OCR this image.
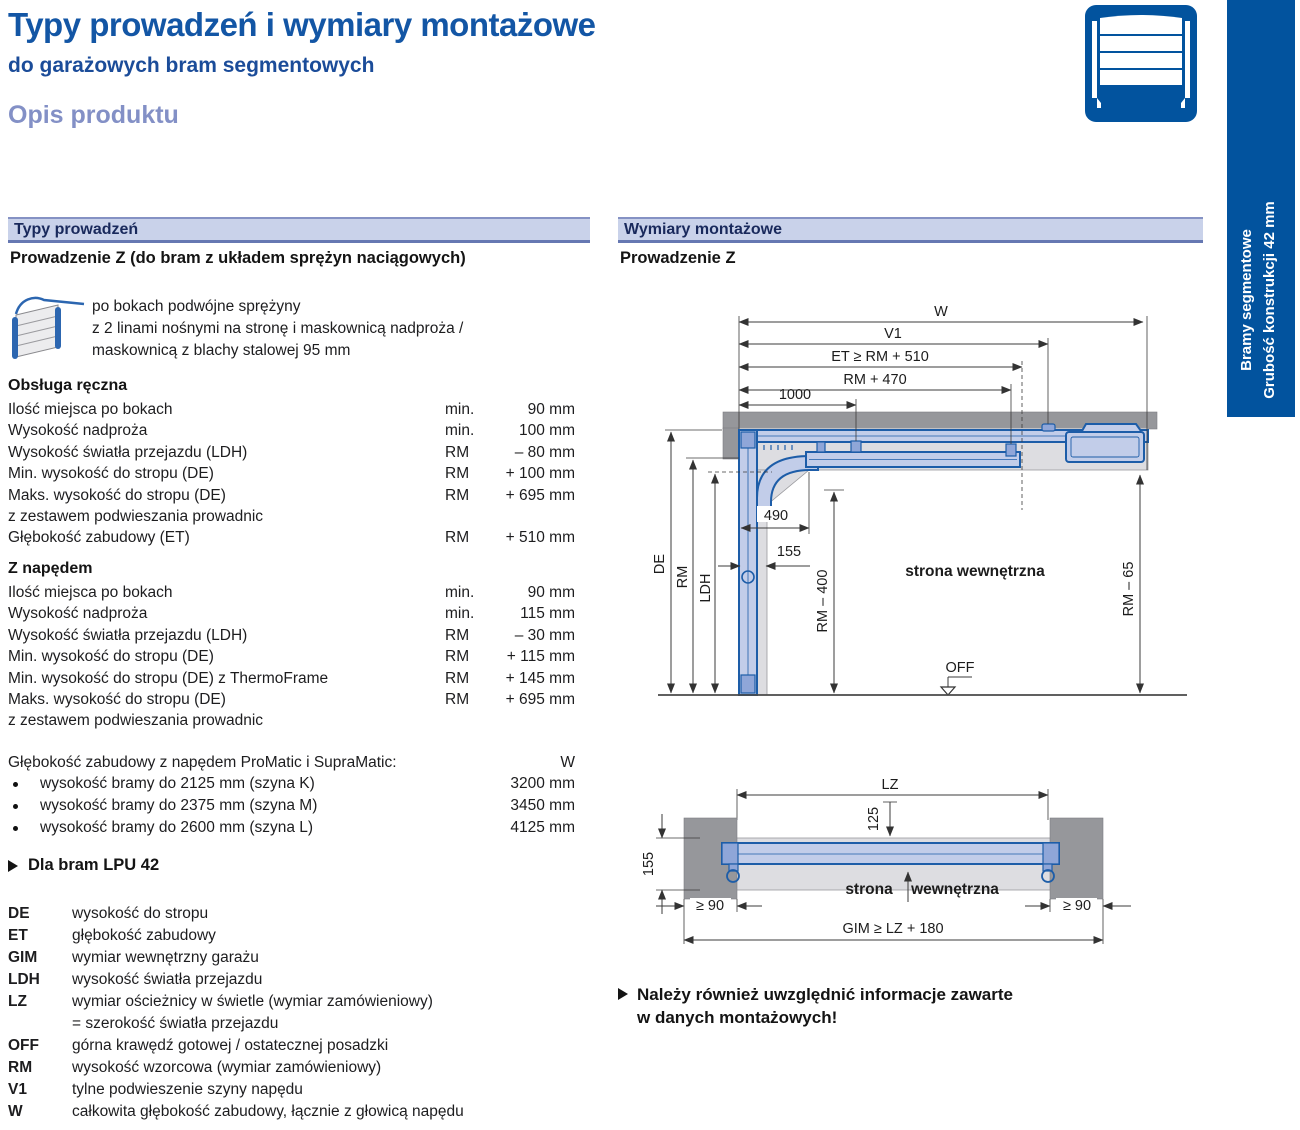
Typy prowadzeń i wymiary montażowe
do garażowych bram segmentowych
Opis produktu
Bramy segmentowe Grubość konstrukcji 42 mm
Typy prowadzeń	Wymiary montażowe
Prowadzenie Z (do bram z układem sprężyn naciągowych)	Prowadzenie Z
po bokach podwójne sprężyny
z 2 linami nośnymi na stronę i maskownicą nadproża /
maskownicą z blachy stalowej 95 mm
Obsługa ręczna
Ilość miejsca po bokach	min.	90 mm
Wysokość nadproża	min.	100 mm
Wysokość światła przejazdu (LDH)	RM	– 80 mm
Min. wysokość do stropu (DE)	RM	+ 100 mm
Maks. wysokość do stropu (DE)	RM	+ 695 mm
z zestawem podwieszania prowadnic
Głębokość zabudowy (ET)	RM	+ 510 mm
Z napędem
Ilość miejsca po bokach	min.	90 mm
Wysokość nadproża	min.	115 mm
Wysokość światła przejazdu (LDH)	RM	– 30 mm
Min. wysokość do stropu (DE)	RM	+ 115 mm
Min. wysokość do stropu (DE) z ThermoFrame	RM	+ 145 mm
Maks. wysokość do stropu (DE)	RM	+ 695 mm
z zestawem podwieszania prowadnic
Głębokość zabudowy z napędem ProMatic i SupraMatic:	W
wysokość bramy do 2125 mm (szyna K)	3200 mm
wysokość bramy do 2375 mm (szyna M)	3450 mm
wysokość bramy do 2600 mm (szyna L)	4125 mm
Dla bram LPU 42
DE	wysokość do stropu
ET	głębokość zabudowy
GIM	wymiar wewnętrzny garażu
LDH	wysokość światła przejazdu
LZ	wymiar ościeżnicy w świetle (wymiar zamówieniowy)
= szerokość światła przejazdu
OFF	górna krawędź gotowej / ostatecznej posadzki
RM	wysokość wzorcowa (wymiar zamówieniowy)
V1	tylne podwieszenie szyny napędu
W	całkowita głębokość zabudowy, łącznie z głowicą napędu
W
V1
ET ≥ RM + 510
RM + 470
1000
DE
RM LDH
490
155
RM – 400	RM – 65
strona wewnętrzna
OFF
LZ
125
155
strona wewnętrzna
≥ 90	≥ 90
GIM ≥ LZ + 180
Należy również uwzględnić informacje zawarte
w danych montażowych!
